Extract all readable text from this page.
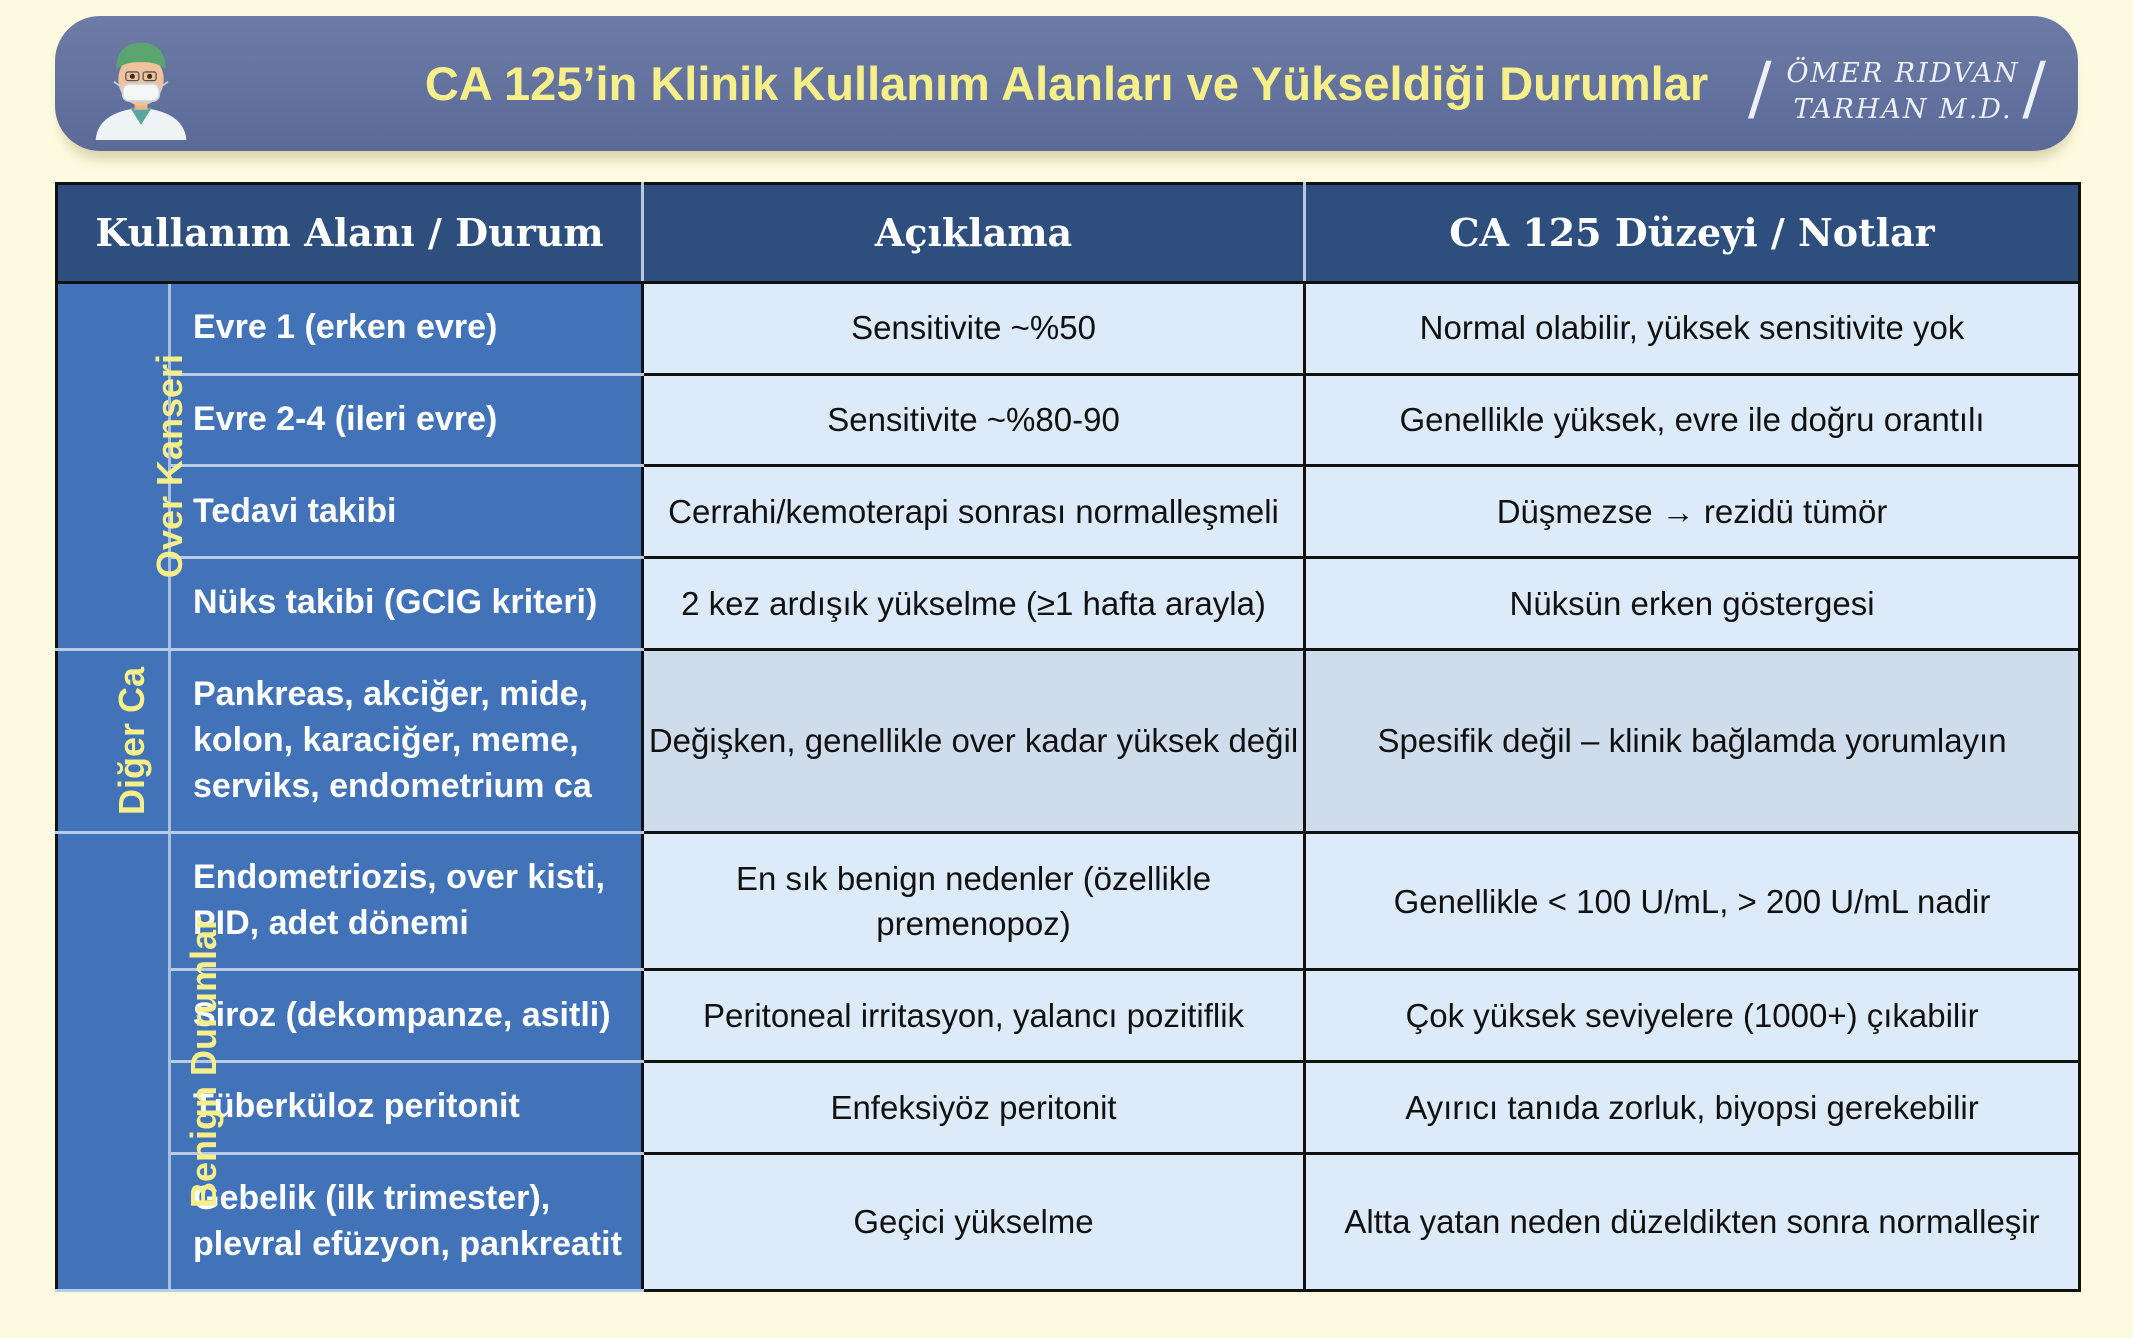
CA 125’in Klinik Kullanım Alanları ve Yükseldiği Durumlar / ÖMER RIDVAN
TARHAN M.D. /
Kullanım Alanı / Durum		Açıklama	CA 125 Düzeyi / Notlar
Over Kanseri	Evre 1 (erken evre)	Sensitivite ~%50	Normal olabilir, yüksek sensitivite yok
	Evre 2-4 (ileri evre)	Sensitivite ~%80-90	Genellikle yüksek, evre ile doğru orantılı
	Tedavi takibi	Cerrahi/kemoterapi sonrası normalleşmeli	Düşmezse → rezidü tümör
	Nüks takibi (GCIG kriteri)	2 kez ardışık yükselme (≥1 hafta arayla)	Nüksün erken göstergesi
Diğer Ca	Pankreas, akciğer, mide, kolon, karaciğer, meme, serviks, endometrium ca	Değişken, genellikle over kadar yüksek değil	Spesifik değil – klinik bağlamda yorumlayın
Benign Durumlar	Endometriozis, over kisti, PID, adet dönemi	En sık benign nedenler (özellikle premenopoz)	Genellikle < 100 U/mL, > 200 U/mL nadir
	Siroz (dekompanze, asitli)	Peritoneal irritasyon, yalancı pozitiflik	Çok yüksek seviyelere (1000+) çıkabilir
	Tüberküloz peritonit	Enfeksiyöz peritonit	Ayırıcı tanıda zorluk, biyopsi gerekebilir
	Gebelik (ilk trimester), plevral efüzyon, pankreatit	Geçici yükselme	Altta yatan neden düzeldikten sonra normalleşir
